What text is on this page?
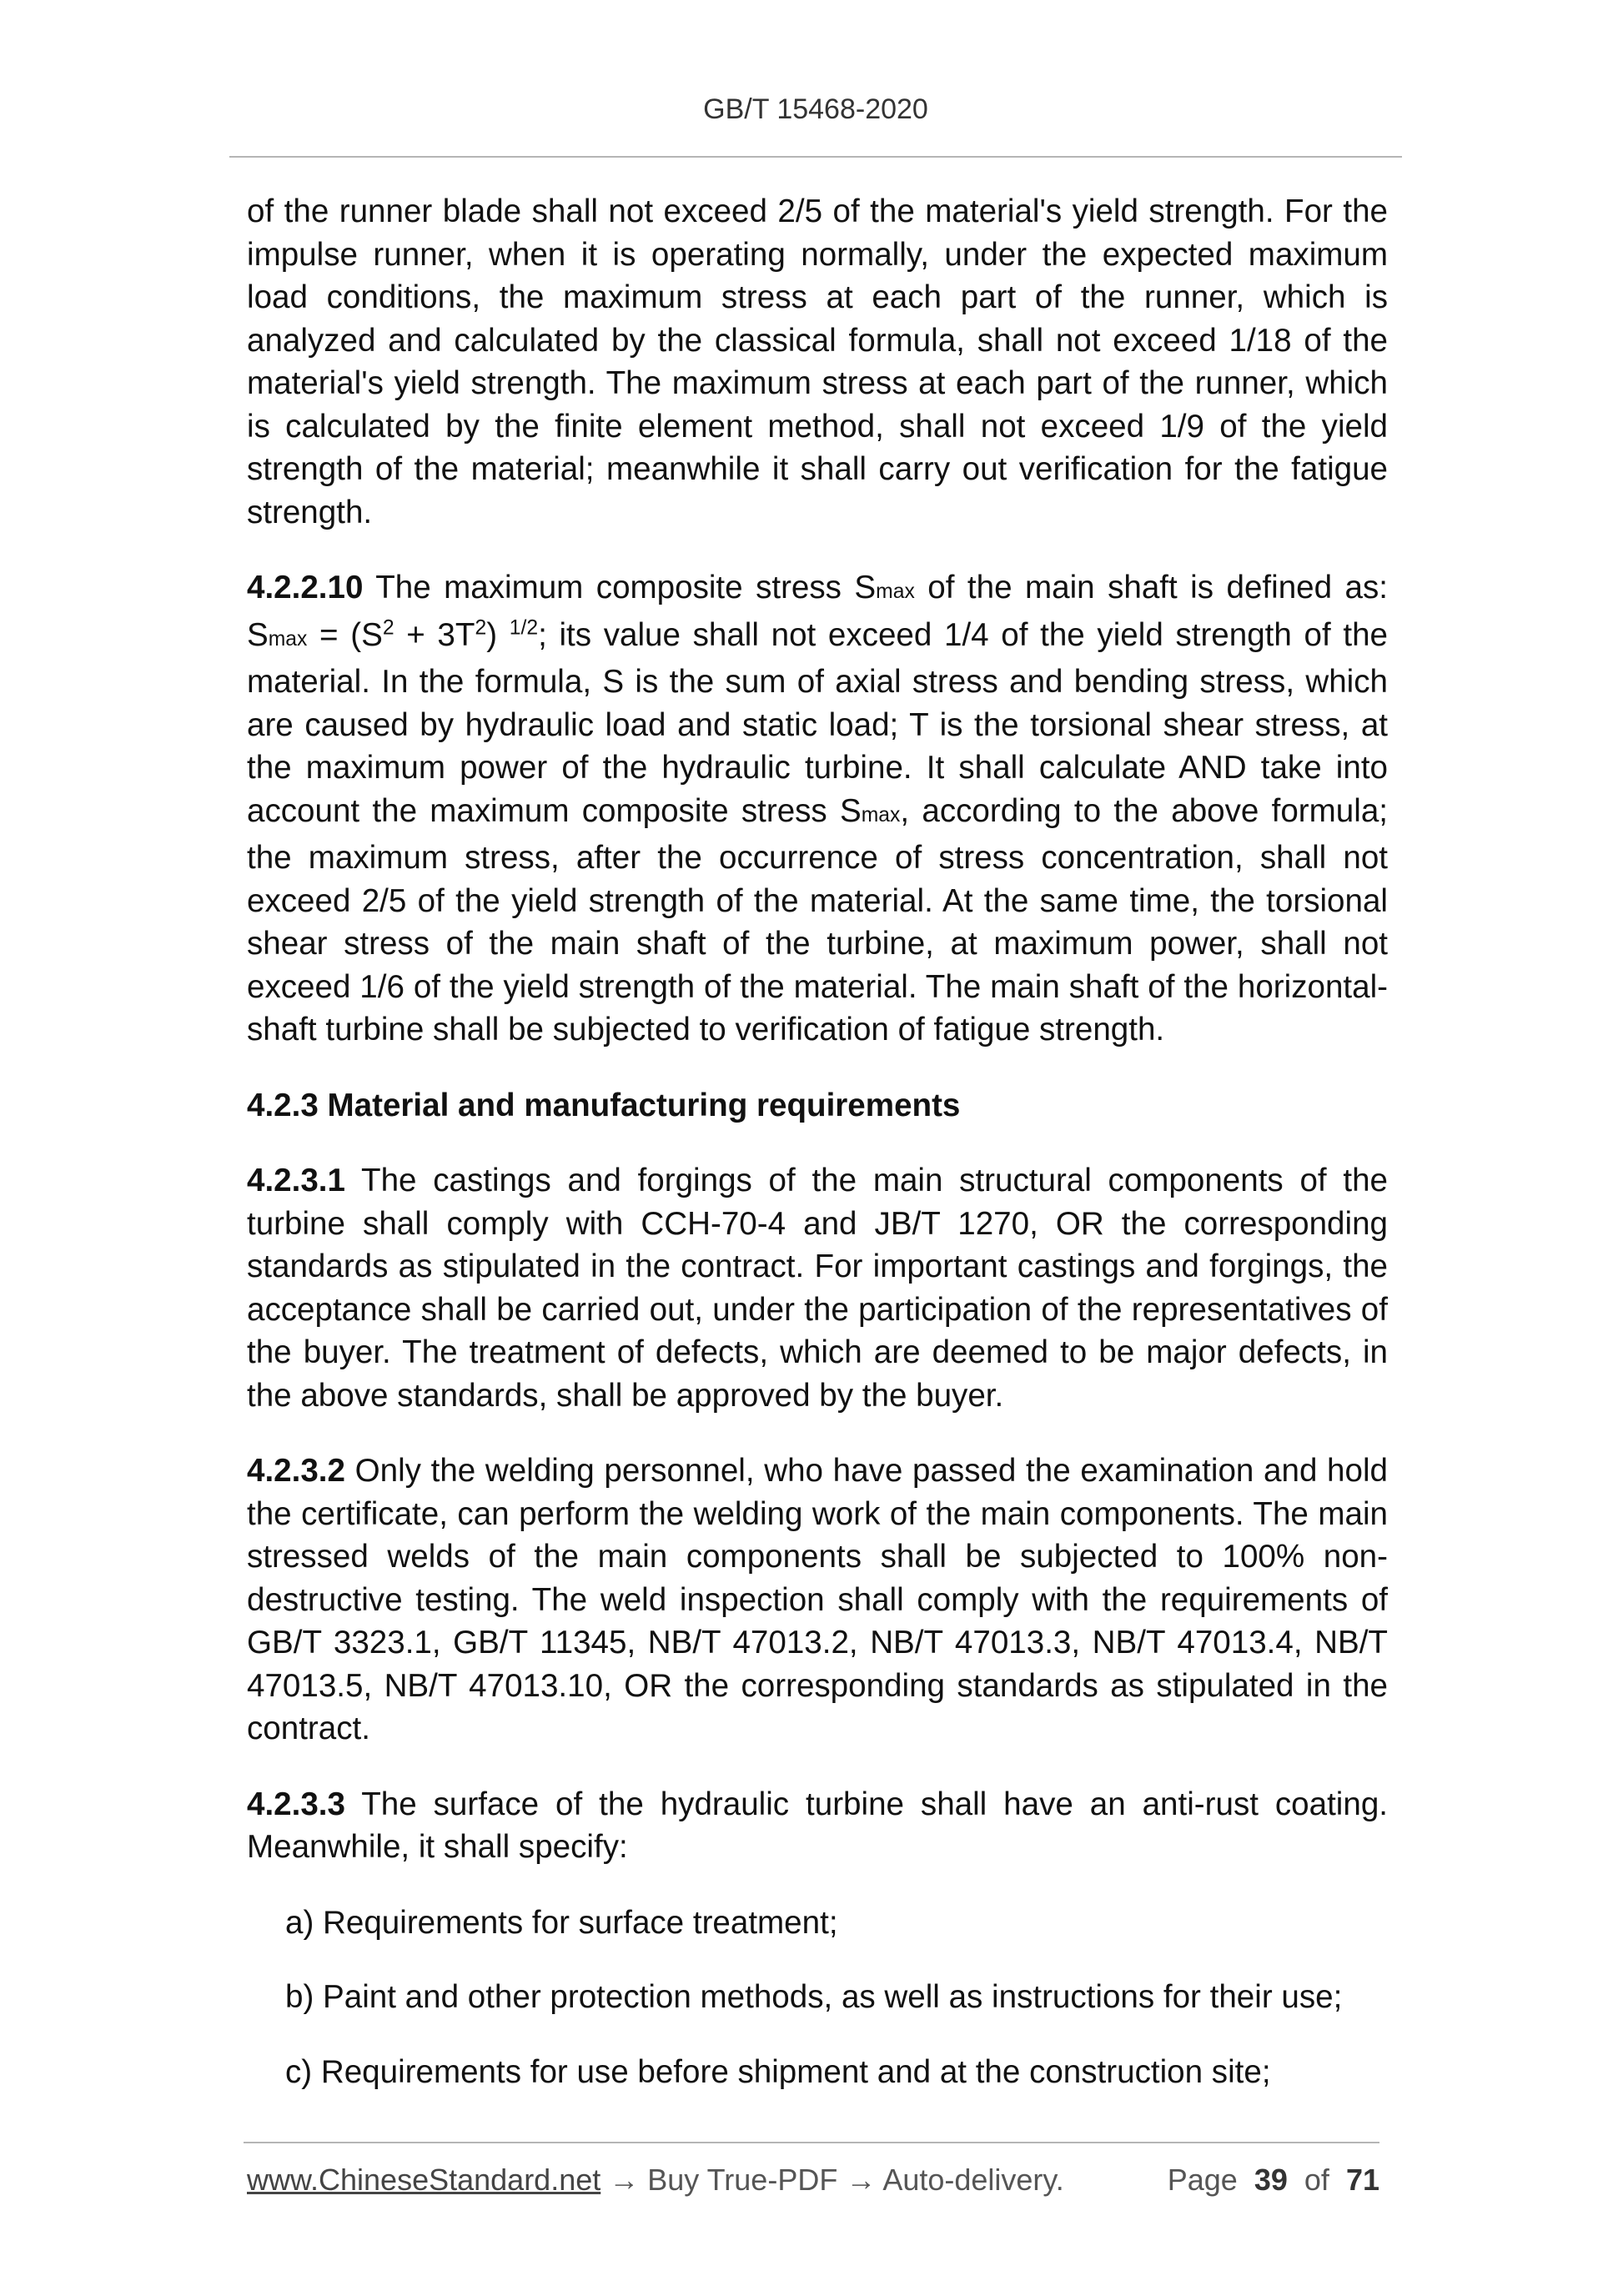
GB/T 15468-2020

of the runner blade shall not exceed 2/5 of the material's yield strength. For the impulse runner, when it is operating normally, under the expected maximum load conditions, the maximum stress at each part of the runner, which is analyzed and calculated by the classical formula, shall not exceed 1/18 of the material's yield strength. The maximum stress at each part of the runner, which is calculated by the finite element method, shall not exceed 1/9 of the yield strength of the material; meanwhile it shall carry out verification for the fatigue strength.

4.2.2.10 The maximum composite stress Smax of the main shaft is defined as: $Smax = (S^2 + 3T^2)$ $^{1/2}$; its value shall not exceed 1/4 of the yield strength of the material. In the formula, S is the sum of axial stress and bending stress, which are caused by hydraulic load and static load; T is the torsional shear stress, at the maximum power of the hydraulic turbine. It shall calculate AND take into account the maximum composite stress Smax, according to the above formula; the maximum stress, after the occurrence of stress concentration, shall not exceed 2/5 of the yield strength of the material. At the same time, the torsional shear stress of the main shaft of the turbine, at maximum power, shall not exceed 1/6 of the yield strength of the material. The main shaft of the horizontal-shaft turbine shall be subjected to verification of fatigue strength.

4.2.3 Material and manufacturing requirements

4.2.3.1 The castings and forgings of the main structural components of the turbine shall comply with CCH-70-4 and JB/T 1270, OR the corresponding standards as stipulated in the contract. For important castings and forgings, the acceptance shall be carried out, under the participation of the representatives of the buyer. The treatment of defects, which are deemed to be major defects, in the above standards, shall be approved by the buyer.

4.2.3.2 Only the welding personnel, who have passed the examination and hold the certificate, can perform the welding work of the main components. The main stressed welds of the main components shall be subjected to 100% non-destructive testing. The weld inspection shall comply with the requirements of GB/T 3323.1, GB/T 11345, NB/T 47013.2, NB/T 47013.3, NB/T 47013.4, NB/T 47013.5, NB/T 47013.10, OR the corresponding standards as stipulated in the contract.

4.2.3.3 The surface of the hydraulic turbine shall have an anti-rust coating. Meanwhile, it shall specify:

a) Requirements for surface treatment;

b) Paint and other protection methods, as well as instructions for their use;

c) Requirements for use before shipment and at the construction site;

www.ChineseStandard.net → Buy True-PDF → Auto-delivery.	Page 39 of 71
